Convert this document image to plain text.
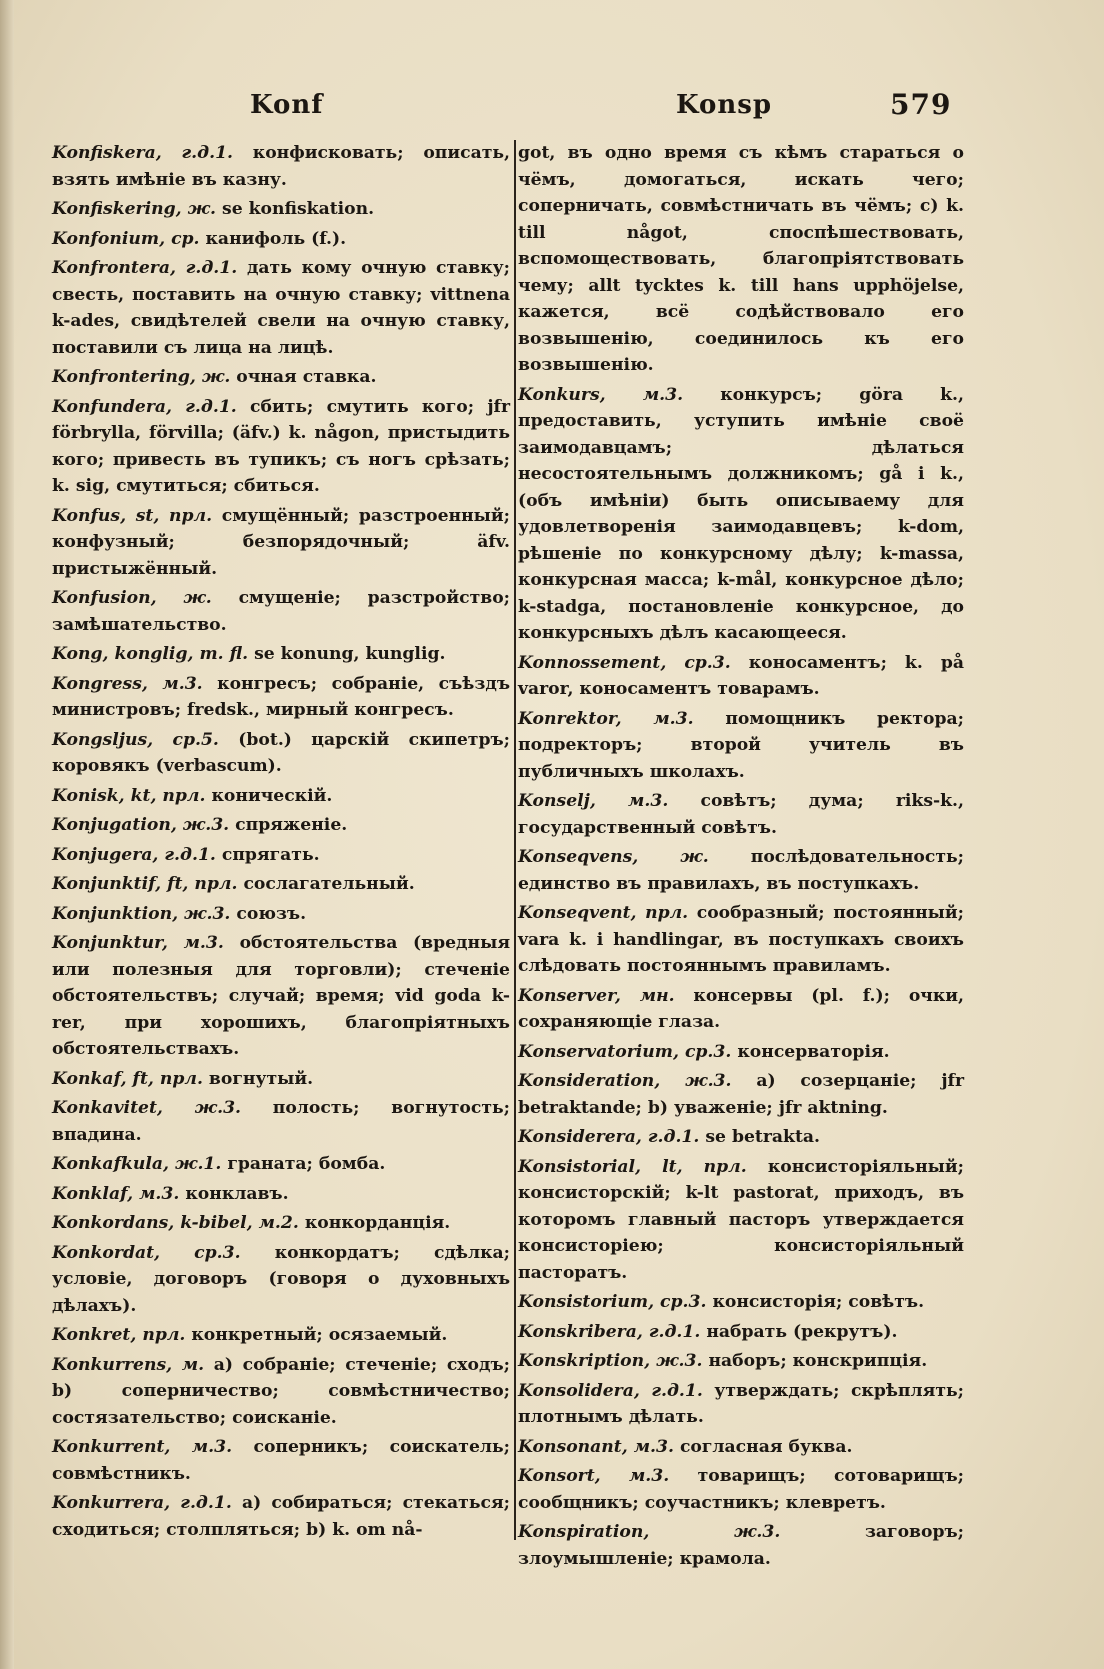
Konf	Konsp	579
Konfiskera, г.д.1. конфисковать; описать, взять имѣніе въ казну.
Konfiskering, ж. se konfiskation.
Konfonium, ср. канифоль (f.).
Konfrontera, г.д.1. дать кому очную ставку; свесть, поставить на очную ставку; vittnena k-ades, свидѣтелей свели на очную ставку, поставили съ лица на лицѣ.
Konfrontering, ж. очная ставка.
Konfundera, г.д.1. сбить; смутить кого; jfr förbrylla, förvilla; (äfv.) k. någon, пристыдить кого; привесть въ тупикъ; съ ногъ срѣзать; k. sig, смутиться; сбиться.
Konfus, st, прл. смущённый; разстроенный; конфузный; безпорядочный; äfv. пристыжённый.
Konfusion, ж. смущеніе; разстройство; замѣшательство.
Kong, konglig, m. fl. se konung, kunglig.
Kongress, м.3. конгресъ; собраніе, съѣздъ министровъ; fredsk., мирный конгресъ.
Kongsljus, ср.5. (bot.) царскій скипетръ; коровякъ (verbascum).
Konisk, kt, прл. коническій.
Konjugation, ж.3. спряженіе.
Konjugera, г.д.1. спрягать.
Konjunktif, ft, прл. сослагательный.
Konjunktion, ж.3. союзъ.
Konjunktur, м.3. обстоятельства (вредныя или полезныя для торговли); стеченіе обстоятельствъ; случай; время; vid goda k-rer, при хорошихъ, благопріятныхъ обстоятельствахъ.
Konkaf, ft, прл. вогнутый.
Konkavitet, ж.3. полость; вогнутость; впадина.
Konkafkula, ж.1. граната; бомба.
Konklaf, м.3. конклавъ.
Konkordans, k-bibel, м.2. конкорданція.
Konkordat, ср.3. конкордатъ; сдѣлка; условіе, договоръ (говоря о духовныхъ дѣлахъ).
Konkret, прл. конкретный; осязаемый.
Konkurrens, м. a) собраніе; стеченіе; сходъ; b) соперничество; совмѣстничество; состязательство; соисканіе.
Konkurrent, м.3. соперникъ; соискатель; совмѣстникъ.
Konkurrera, г.д.1. a) собираться; стекаться; сходиться; столпляться; b) k. om nå-
got, въ одно время съ кѣмъ стараться о чёмъ, домогаться, искать чего; соперничать, совмѣстничать въ чёмъ; c) k. till något, споспѣшествовать, вспомоществовать, благопріятствовать чему; allt tycktes k. till hans upphöjelse, кажется, всё содѣйствовало его возвышенію, соединилось къ его возвышенію.
Konkurs, м.3. конкурсъ; göra k., предоставить, уступить имѣніе своё заимодавцамъ; дѣлаться несостоятельнымъ должникомъ; gå i k., (объ имѣніи) быть описываему для удовлетворенія заимодавцевъ; k-dom, рѣшеніе по конкурсному дѣлу; k-massa, конкурсная масса; k-mål, конкурсное дѣло; k-stadga, постановленіе конкурсное, до конкурсныхъ дѣлъ касающееся.
Konnossement, ср.3. коносаментъ; k. på varor, коносаментъ товарамъ.
Konrektor, м.3. помощникъ ректора; подректоръ; второй учитель въ публичныхъ школахъ.
Konselj, м.3. совѣтъ; дума; riks-k., государственный совѣтъ.
Konseqvens, ж. послѣдовательность; единство въ правилахъ, въ поступкахъ.
Konseqvent, прл. сообразный; постоянный; vara k. i handlingar, въ поступкахъ своихъ слѣдовать постояннымъ правиламъ.
Konserver, мн. консервы (pl. f.); очки, сохраняющіе глаза.
Konservatorium, ср.3. консерваторія.
Konsideration, ж.3. a) созерцаніе; jfr betraktande; b) уваженіе; jfr aktning.
Konsiderera, г.д.1. se betrakta.
Konsistorial, lt, прл. консисторіяльный; консисторскій; k-lt pastorat, приходъ, въ которомъ главный пасторъ утверждается консисторіею; консисторіяльный пасторатъ.
Konsistorium, ср.3. консисторія; совѣтъ.
Konskribera, г.д.1. набрать (рекрутъ).
Konskription, ж.3. наборъ; конскрипція.
Konsolidera, г.д.1. утверждать; скрѣплять; плотнымъ дѣлать.
Konsonant, м.3. согласная буква.
Konsort, м.3. товарищъ; сотоварищъ; сообщникъ; соучастникъ; клевретъ.
Konspiration,	ж.3.	заговоръ; злоумышленіе; крамола.
